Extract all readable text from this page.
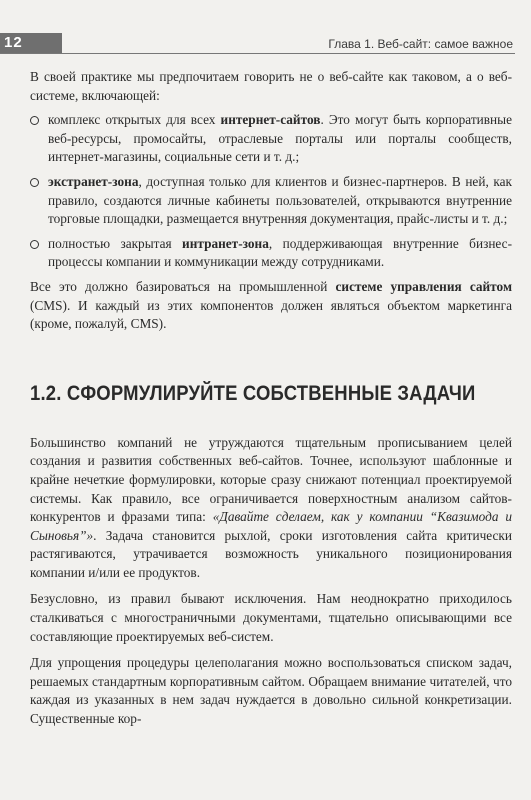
12	Глава 1. Веб-сайт: самое важное

В своей практике мы предпочитаем говорить не о веб-сайте как таковом, а о веб-системе, включающей:

комплекс открытых для всех интернет-сайтов. Это могут быть корпоративные веб-ресурсы, промосайты, отраслевые порталы или порталы сообществ, интернет-магазины, социальные сети и т. д.;
экстранет-зона, доступная только для клиентов и бизнес-партнеров. В ней, как правило, создаются личные кабинеты пользователей, открываются внутренние торговые площадки, размещается внутренняя документация, прайс-листы и т. д.;
полностью закрытая интранет-зона, поддерживающая внутренние бизнес-процессы компании и коммуникации между сотрудниками.

Все это должно базироваться на промышленной системе управления сайтом (CMS). И каждый из этих компонентов должен являться объектом маркетинга (кроме, пожалуй, CMS).

1.2. СФОРМУЛИРУЙТЕ СОБСТВЕННЫЕ ЗАДАЧИ

Большинство компаний не утруждаются тщательным прописыванием целей создания и развития собственных веб-сайтов. Точнее, используют шаблонные и крайне нечеткие формулировки, которые сразу снижают потенциал проектируемой системы. Как правило, все ограничивается поверхностным анализом сайтов-конкурентов и фразами типа: «Давайте сделаем, как у компании “Квазимода и Сыновья”». Задача становится рыхлой, сроки изготовления сайта критически растягиваются, утрачивается возможность уникального позиционирования компании и/или ее продуктов.

Безусловно, из правил бывают исключения. Нам неоднократно приходилось сталкиваться с многостраничными документами, тщательно описывающими все составляющие проектируемых веб-систем.

Для упрощения процедуры целеполагания можно воспользоваться списком задач, решаемых стандартным корпоративным сайтом. Обращаем внимание читателей, что каждая из указанных в нем задач нуждается в довольно сильной конкретизации. Существенные кор-
